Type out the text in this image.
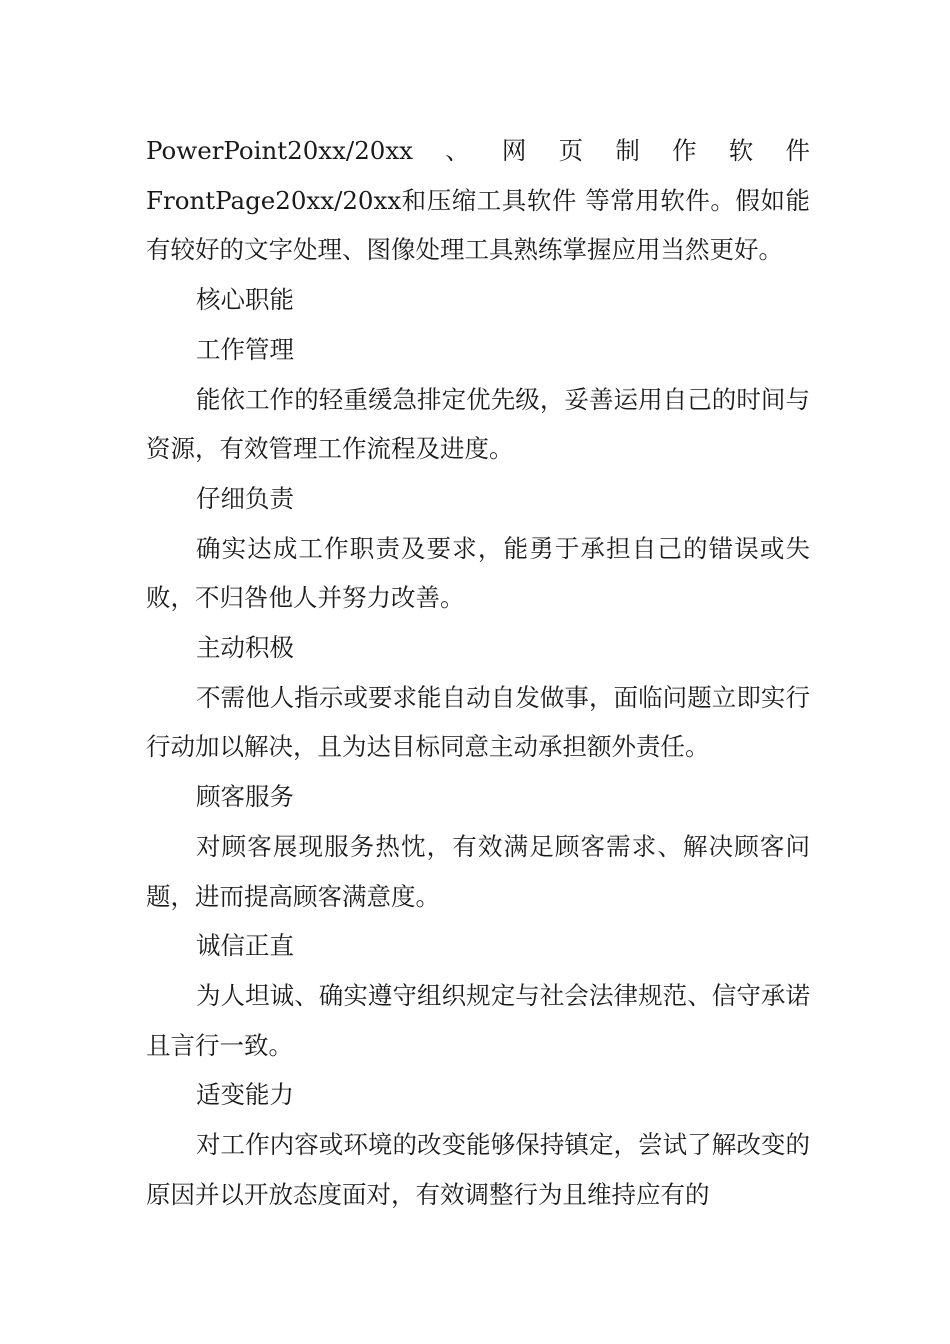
PowerPoint20xx/20xx、网页制作软件FrontPage20xx/20xx和压缩工具软件 等常用软件。假如能有较好的文字处理、图像处理工具熟练掌握应用当然更好。

核心职能

工作管理

能依工作的轻重缓急排定优先级，妥善运用自己的时间与资源，有效管理工作流程及进度。

仔细负责

确实达成工作职责及要求，能勇于承担自己的错误或失败，不归咎他人并努力改善。

主动积极

不需他人指示或要求能自动自发做事，面临问题立即实行行动加以解决，且为达目标同意主动承担额外责任。

顾客服务

对顾客展现服务热忱，有效满足顾客需求、解决顾客问题，进而提高顾客满意度。

诚信正直

为人坦诚、确实遵守组织规定与社会法律规范、信守承诺且言行一致。

适变能力

对工作内容或环境的改变能够保持镇定，尝试了解改变的原因并以开放态度面对，有效调整行为且维持应有的
